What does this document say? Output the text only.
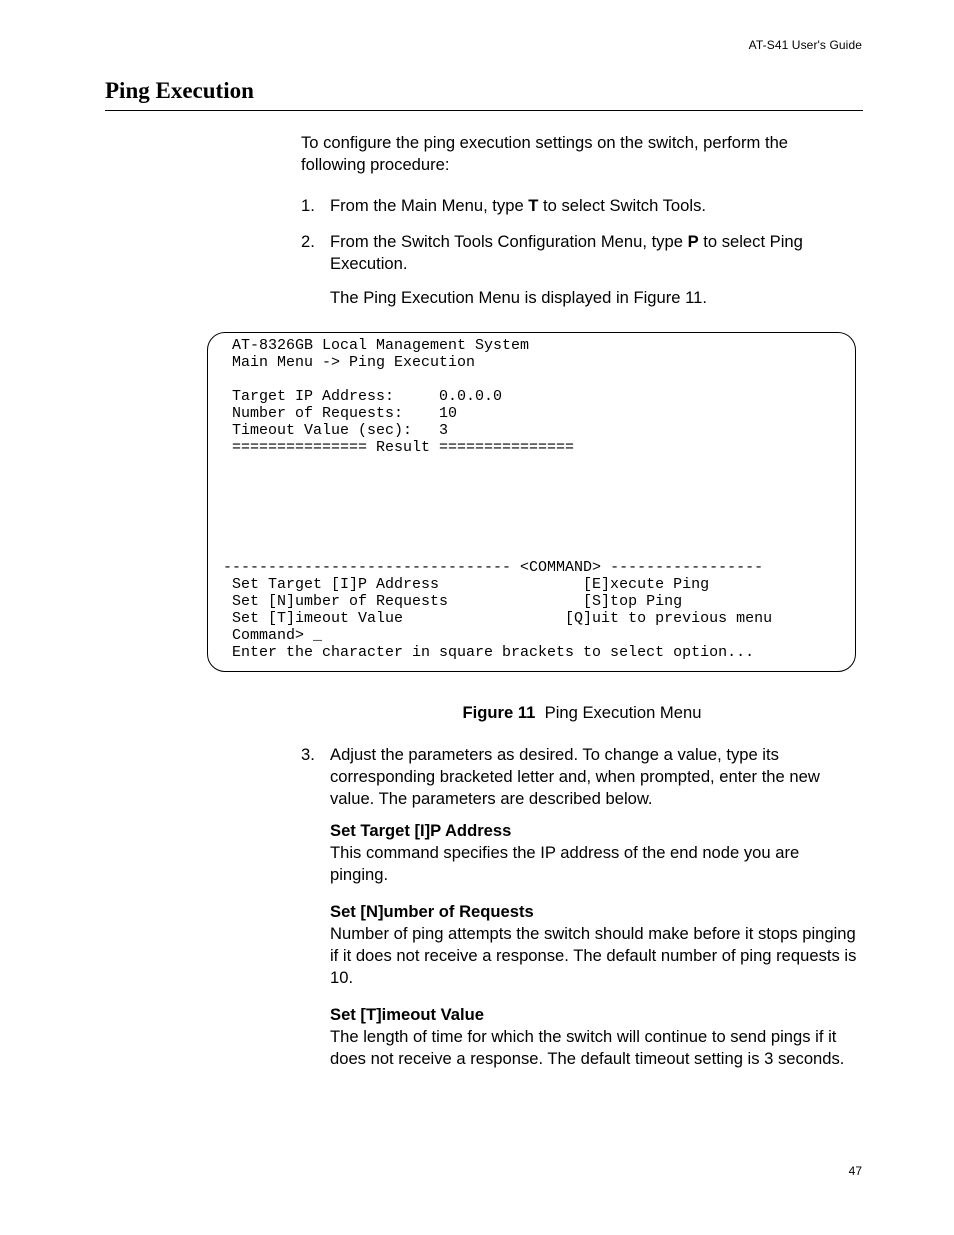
AT-S41 User's Guide
Ping Execution
To configure the ping execution settings on the switch, perform the following procedure:
1. From the Main Menu, type T to select Switch Tools.
2. From the Switch Tools Configuration Menu, type P to select Ping Execution.
The Ping Execution Menu is displayed in Figure 11.
AT-8326GB Local Management System
Main Menu -> Ping Execution
Target IP Address:     0.0.0.0
Number of Requests:    10
Timeout Value (sec):   3
=============== Result ===============
-------------------------------- <COMMAND> -----------------
Set Target [I]P Address                [E]xecute Ping
Set [N]umber of Requests               [S]top Ping
Set [T]imeout Value                  [Q]uit to previous menu
Command> _
Enter the character in square brackets to select option...
Figure 11 Ping Execution Menu
3. Adjust the parameters as desired. To change a value, type its corresponding bracketed letter and, when prompted, enter the new value. The parameters are described below.
Set Target [I]P Address
This command specifies the IP address of the end node you are pinging.
Set [N]umber of Requests
Number of ping attempts the switch should make before it stops pinging if it does not receive a response. The default number of ping requests is 10.
Set [T]imeout Value
The length of time for which the switch will continue to send pings if it does not receive a response. The default timeout setting is 3 seconds.
47
